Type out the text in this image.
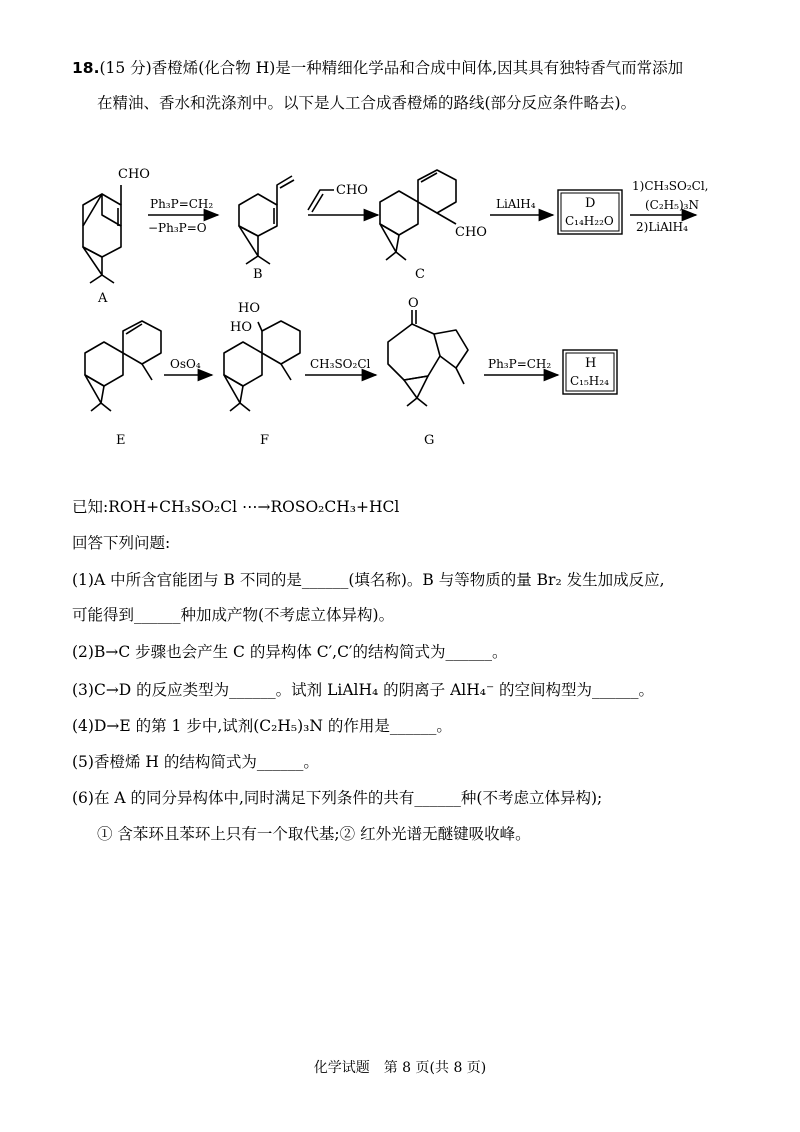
18.(15 分)香橙烯(化合物 H)是一种精细化学品和合成中间体,因其具有独特香气而常添加
在精油、香水和洗涤剂中。以下是人工合成香橙烯的路线(部分反应条件略去)。
CHO
A
Ph₃P=CH₂
−Ph₃P=O
B
CHO
CHO
C
LiAlH₄	D
C₁₄H₂₂O
1)CH₃SO₂Cl,
(C₂H₅)₃N
2)LiAlH₄
E
OsO₄
HO
HO
F
CH₃SO₂Cl
O
G
Ph₃P=CH₂	H
C₁₅H₂₄
已知:ROH+CH₃SO₂Cl ⋯→ROSO₂CH₃+HCl
回答下列问题:
(1)A 中所含官能团与 B 不同的是______(填名称)。B 与等物质的量 Br₂ 发生加成反应,
可能得到______种加成产物(不考虑立体异构)。
(2)B→C 步骤也会产生 C 的异构体 C′,C′的结构简式为______。
(3)C→D 的反应类型为______。试剂 LiAlH₄ 的阴离子 AlH₄⁻ 的空间构型为______。
(4)D→E 的第 1 步中,试剂(C₂H₅)₃N 的作用是______。
(5)香橙烯 H 的结构简式为______。
(6)在 A 的同分异构体中,同时满足下列条件的共有______种(不考虑立体异构);
① 含苯环且苯环上只有一个取代基;② 红外光谱无醚键吸收峰。
化学试题　第 8 页(共 8 页)
